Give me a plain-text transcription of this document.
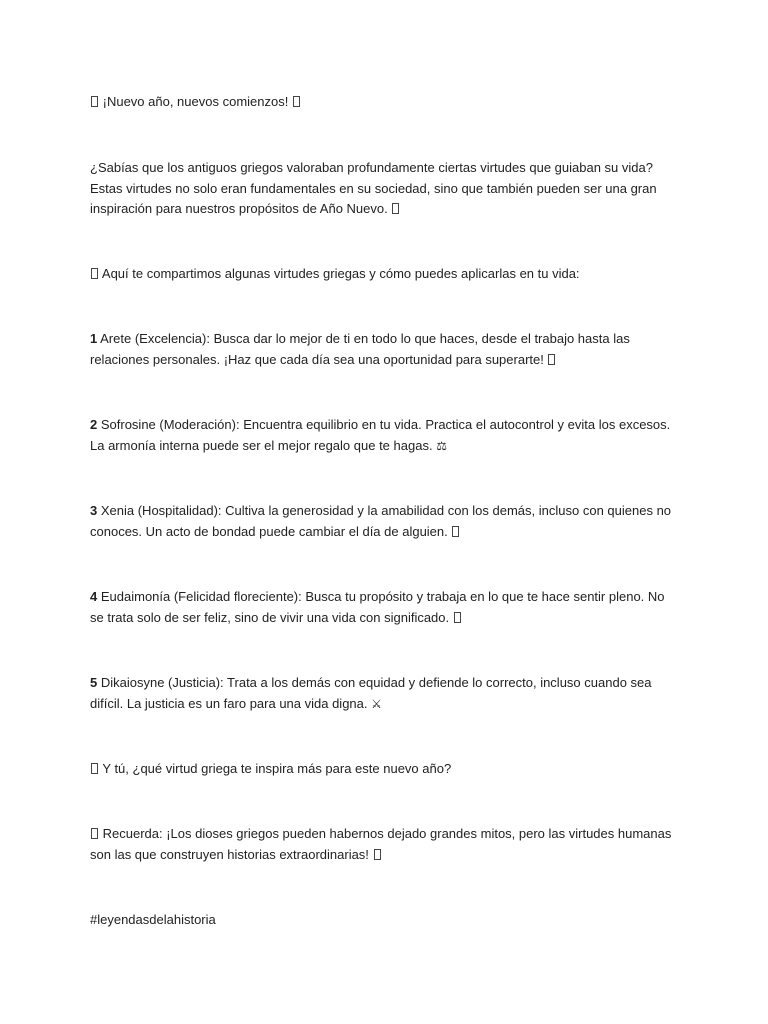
¡Nuevo año, nuevos comienzos!

¿Sabías que los antiguos griegos valoraban profundamente ciertas virtudes que guiaban su vida? Estas virtudes no solo eran fundamentales en su sociedad, sino que también pueden ser una gran inspiración para nuestros propósitos de Año Nuevo.

Aquí te compartimos algunas virtudes griegas y cómo puedes aplicarlas en tu vida:

1 Arete (Excelencia): Busca dar lo mejor de ti en todo lo que haces, desde el trabajo hasta las relaciones personales. ¡Haz que cada día sea una oportunidad para superarte!

2 Sofrosine (Moderación): Encuentra equilibrio en tu vida. Practica el autocontrol y evita los excesos. La armonía interna puede ser el mejor regalo que te hagas. ⚖

3 Xenia (Hospitalidad): Cultiva la generosidad y la amabilidad con los demás, incluso con quienes no conoces. Un acto de bondad puede cambiar el día de alguien.

4 Eudaimonía (Felicidad floreciente): Busca tu propósito y trabaja en lo que te hace sentir pleno. No se trata solo de ser feliz, sino de vivir una vida con significado.

5 Dikaiosyne (Justicia): Trata a los demás con equidad y defiende lo correcto, incluso cuando sea difícil. La justicia es un faro para una vida digna. ⚔

Y tú, ¿qué virtud griega te inspira más para este nuevo año?

Recuerda: ¡Los dioses griegos pueden habernos dejado grandes mitos, pero las virtudes humanas son las que construyen historias extraordinarias!

#leyendasdelahistoria
